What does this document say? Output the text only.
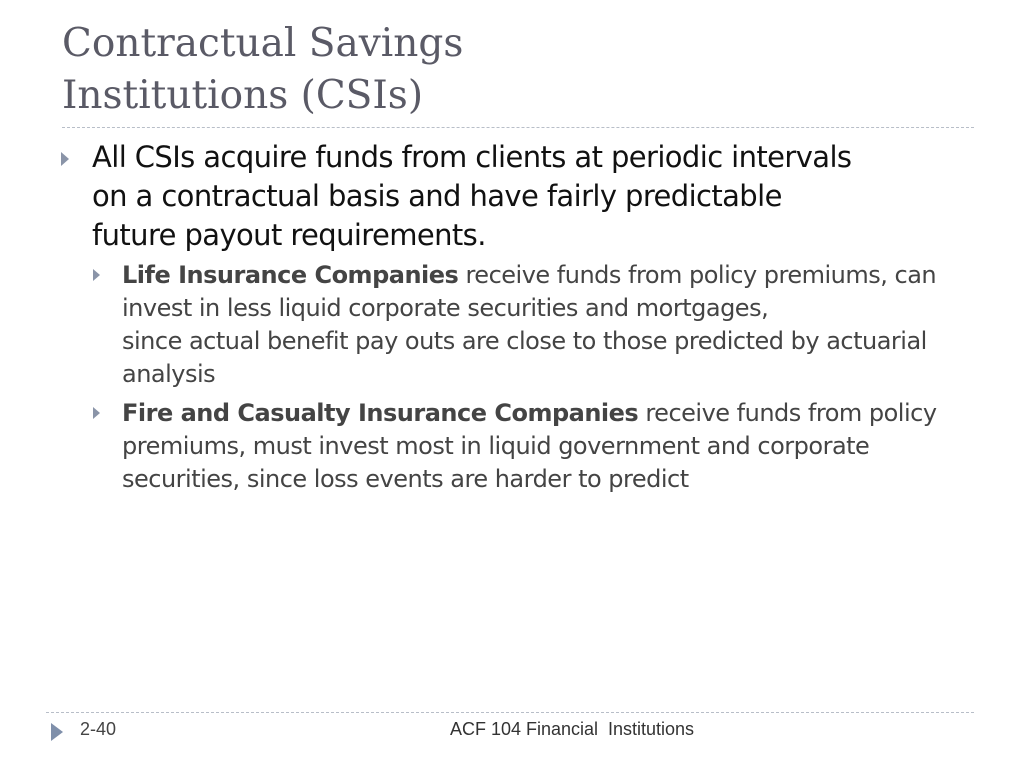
Contractual Savings
Institutions (CSIs)
All CSIs acquire funds from clients at periodic intervals on a contractual basis and have fairly predictable future payout requirements.
Life Insurance Companies receive funds from policy premiums, can invest in less liquid corporate securities and mortgages,
since actual benefit pay outs are close to those predicted by actuarial analysis
Fire and Casualty Insurance Companies receive funds from policy premiums, must invest most in liquid government and corporate securities, since loss events are harder to predict
2-40	ACF 104 Financial  Institutions
